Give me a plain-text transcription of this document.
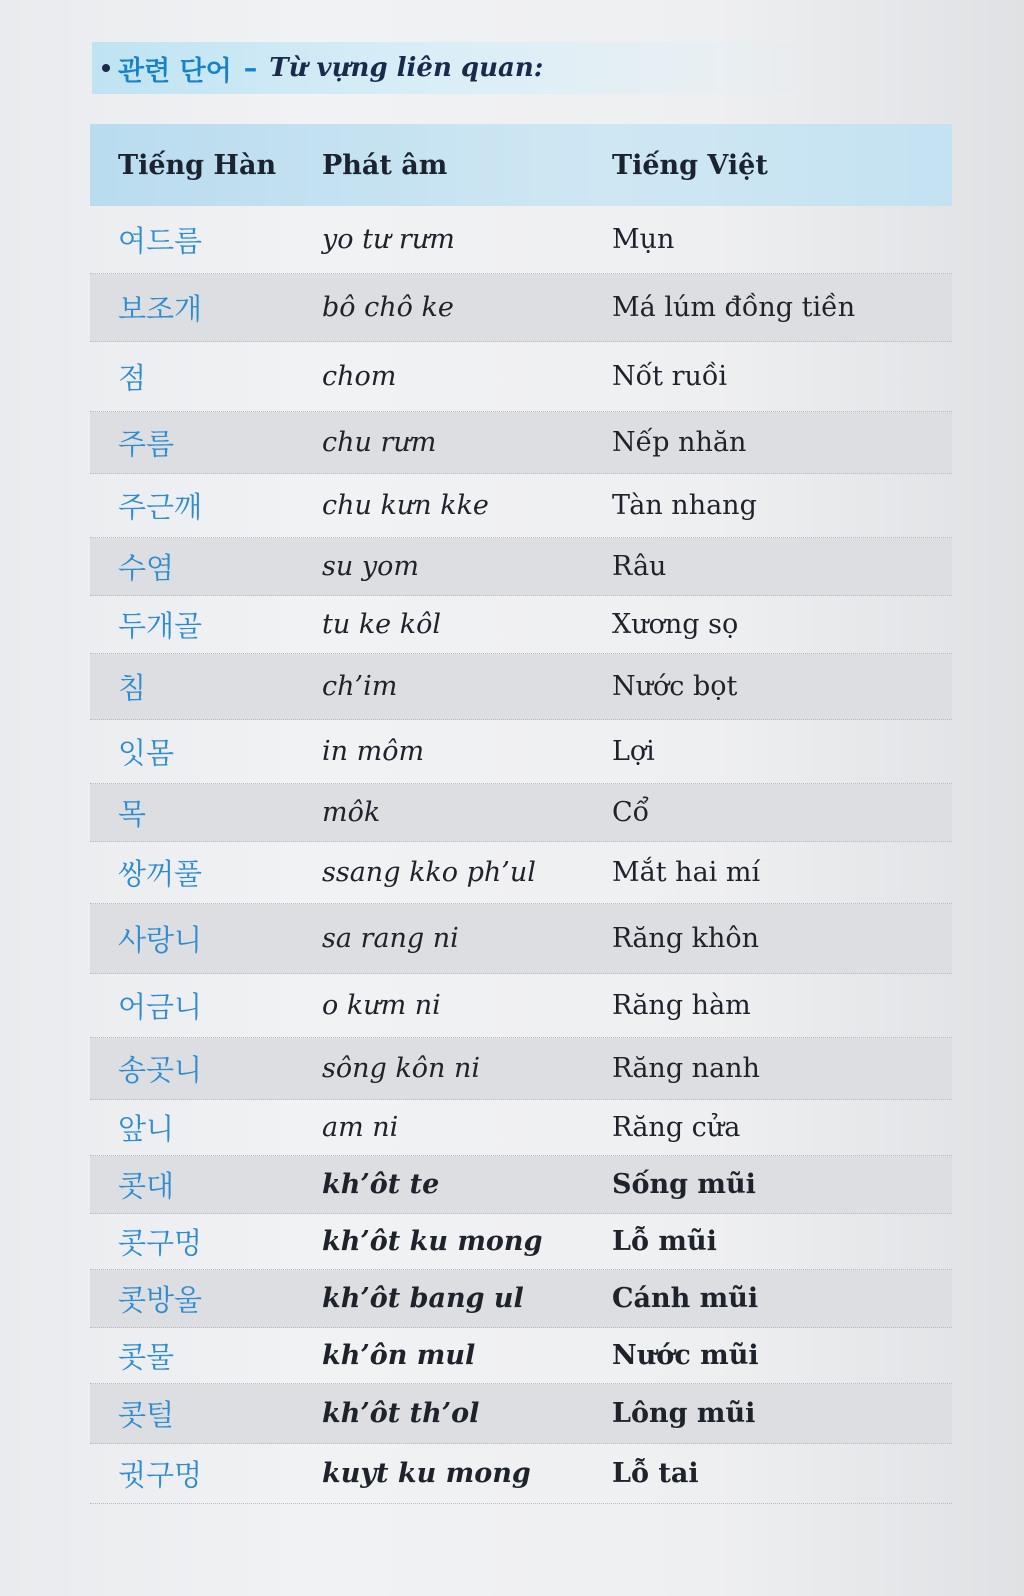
관련 단어 – Từ vựng liên quan:
Tiếng Hàn	Phát âm	Tiếng Việt
여드름	yo tư rưm	Mụn
보조개	bô chô ke	Má lúm đồng tiền
점	chom	Nốt ruồi
주름	chu rưm	Nếp nhăn
주근깨	chu kưn kke	Tàn nhang
수염	su yom	Râu
두개골	tu ke kôl	Xương sọ
침	ch’im	Nước bọt
잇몸	in môm	Lợi
목	môk	Cổ
쌍꺼풀	ssang kko ph’ul	Mắt hai mí
사랑니	sa rang ni	Răng khôn
어금니	o kưm ni	Răng hàm
송곳니	sông kôn ni	Răng nanh
앞니	am ni	Răng cửa
콧대	kh’ôt te	Sống mũi
콧구멍	kh’ôt ku mong	Lỗ mũi
콧방울	kh’ôt bang ul	Cánh mũi
콧물	kh’ôn mul	Nước mũi
콧털	kh’ôt th’ol	Lông mũi
귓구멍	kuyt ku mong	Lỗ tai
